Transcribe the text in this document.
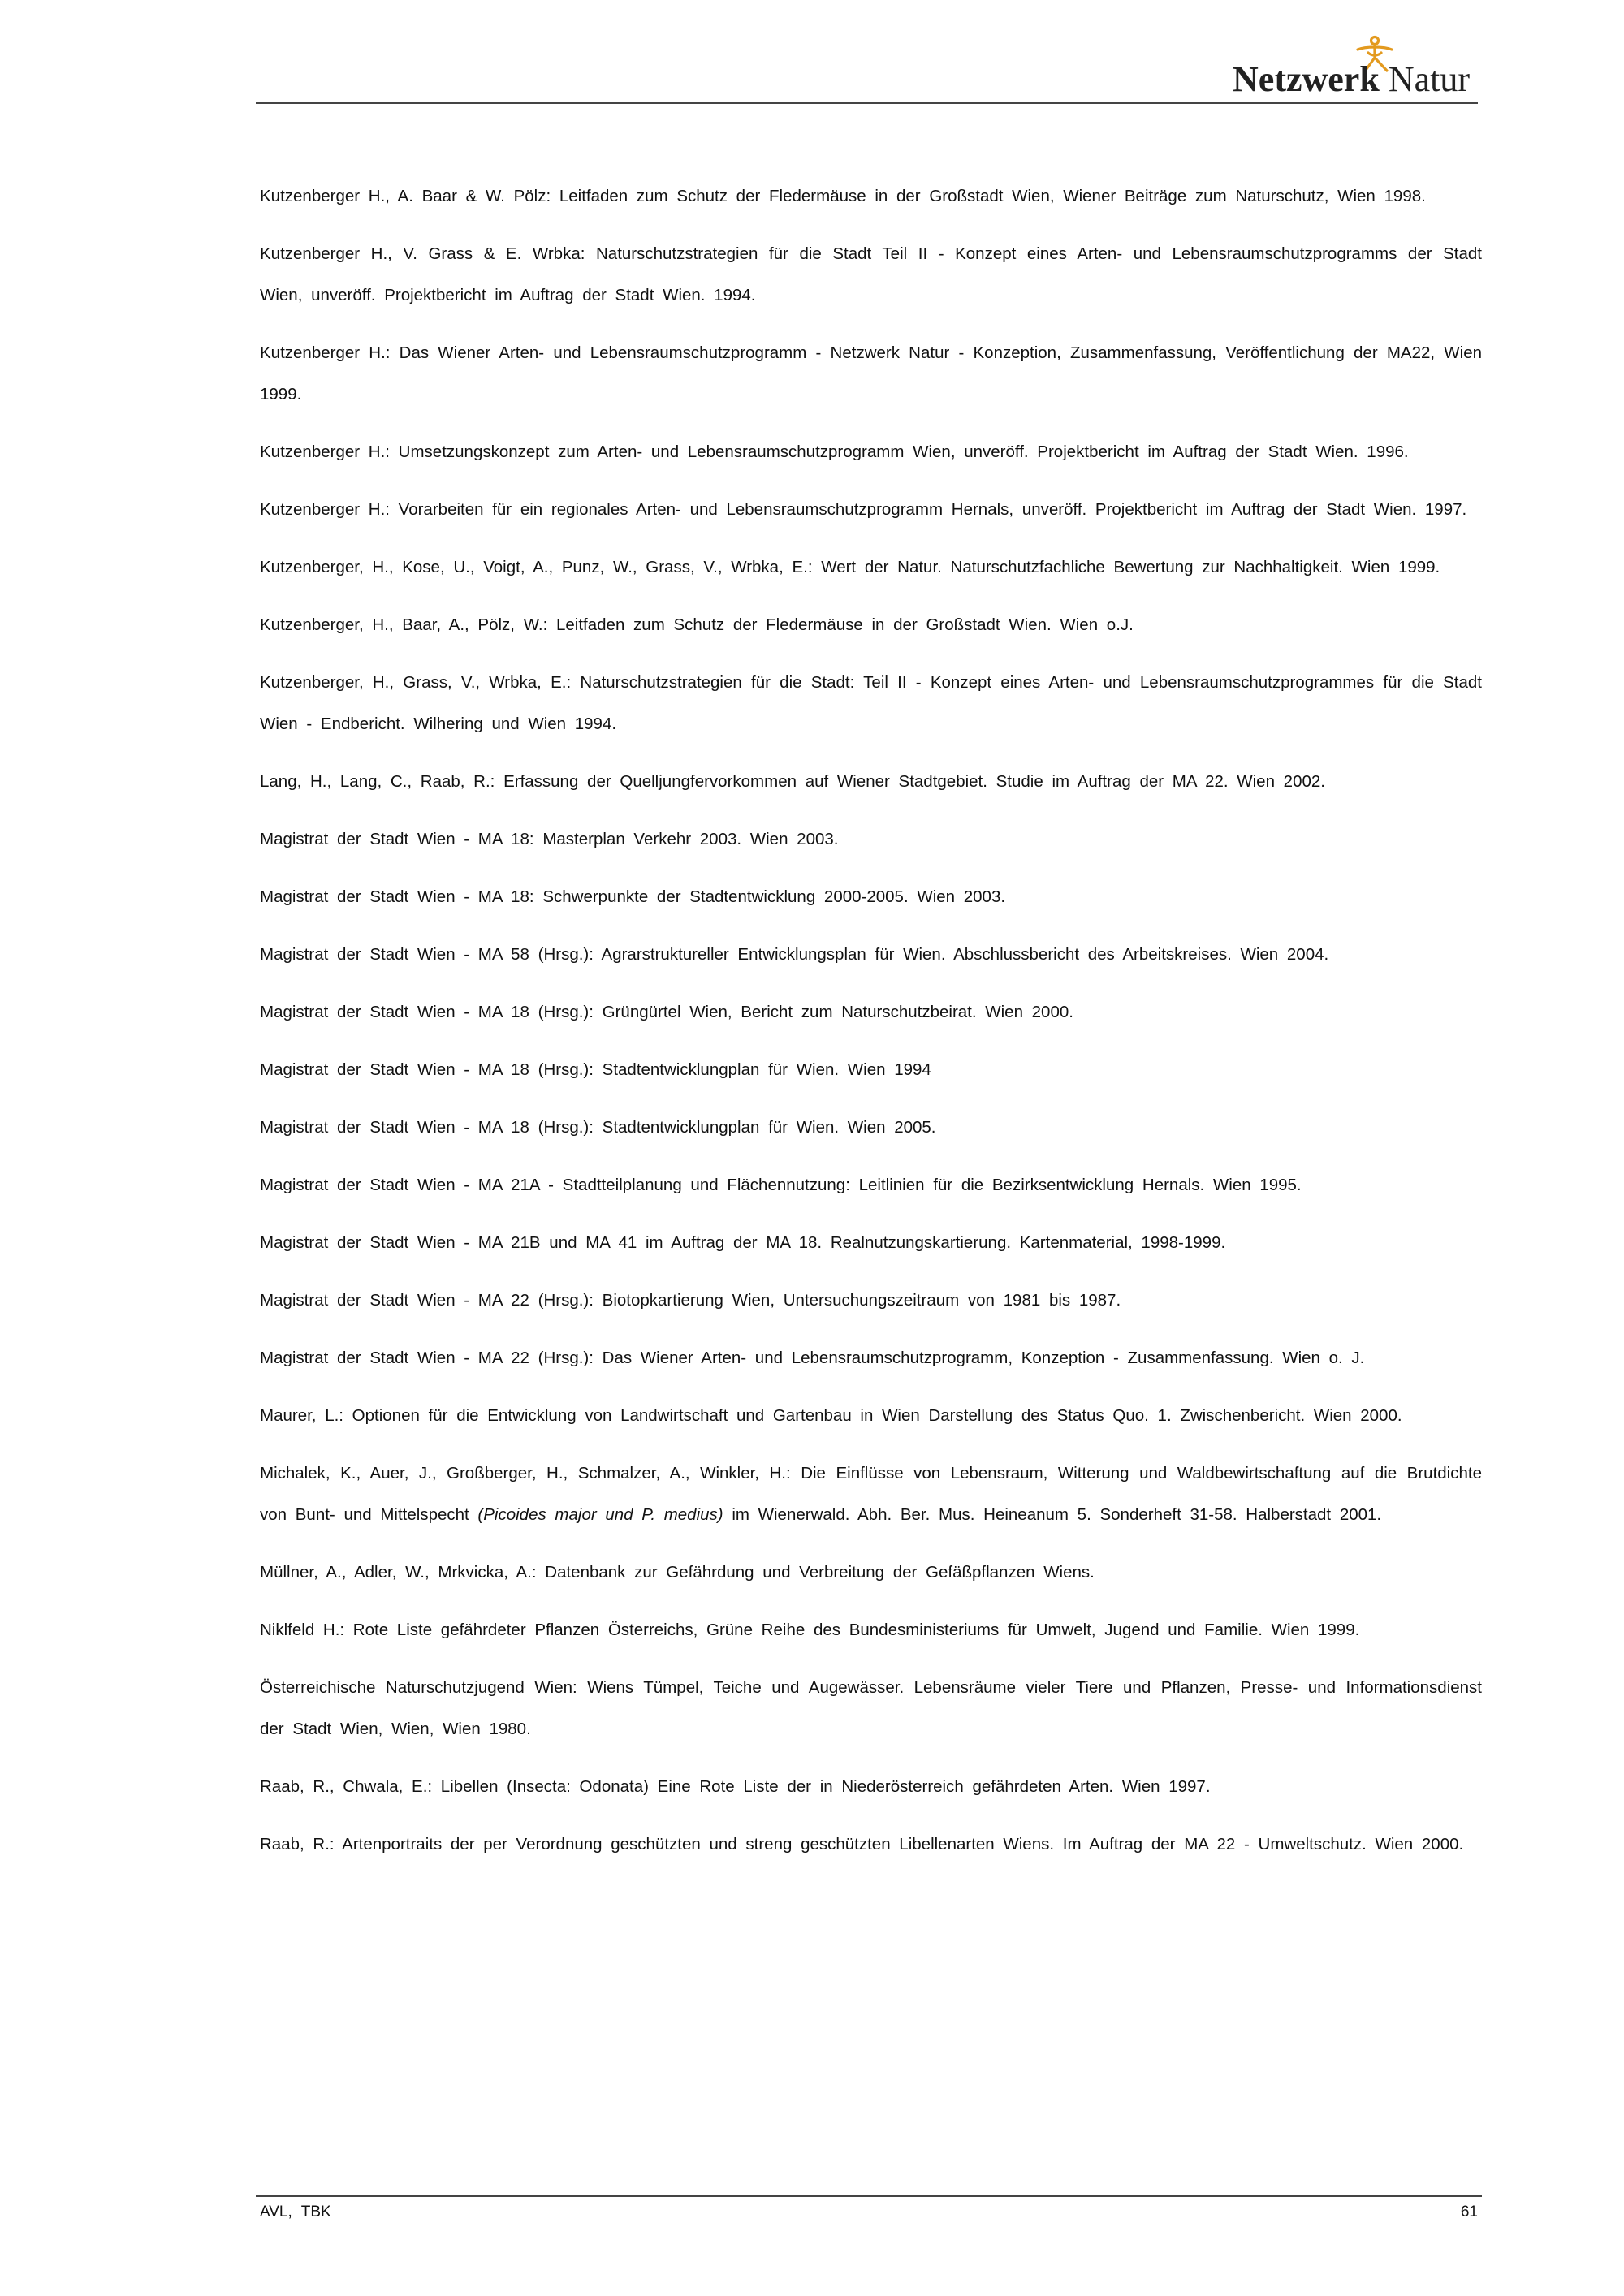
Netzwerk Natur

Kutzenberger H., A. Baar & W. Pölz: Leitfaden zum Schutz der Fledermäuse in der Großstadt Wien, Wiener Beiträge zum Naturschutz, Wien 1998.

Kutzenberger H., V. Grass & E. Wrbka: Naturschutzstrategien für die Stadt Teil II - Konzept eines Arten- und Lebensraumschutzprogramms der Stadt Wien, unveröff. Projektbericht im Auftrag der Stadt Wien. 1994.

Kutzenberger H.: Das Wiener Arten- und Lebensraumschutzprogramm - Netzwerk Natur - Konzeption, Zusammenfassung, Veröffentlichung der MA22, Wien 1999.

Kutzenberger H.: Umsetzungskonzept zum Arten- und Lebensraumschutzprogramm Wien, unveröff. Projektbericht im Auftrag der Stadt Wien. 1996.

Kutzenberger H.: Vorarbeiten für ein regionales Arten- und Lebensraumschutzprogramm Hernals, unveröff. Projektbericht im Auftrag der Stadt Wien. 1997.

Kutzenberger, H., Kose, U., Voigt, A., Punz, W., Grass, V., Wrbka, E.: Wert der Natur. Naturschutzfachliche Bewertung zur Nachhaltigkeit. Wien 1999.

Kutzenberger, H., Baar, A., Pölz, W.: Leitfaden zum Schutz der Fledermäuse in der Großstadt Wien. Wien o.J.

Kutzenberger, H., Grass, V., Wrbka, E.: Naturschutzstrategien für die Stadt: Teil II - Konzept eines Arten- und Lebensraumschutzprogrammes für die Stadt Wien - Endbericht. Wilhering und Wien 1994.

Lang, H., Lang, C., Raab, R.: Erfassung der Quelljungfervorkommen auf Wiener Stadtgebiet. Studie im Auftrag der MA 22. Wien 2002.

Magistrat der Stadt Wien - MA 18: Masterplan Verkehr 2003. Wien 2003.

Magistrat der Stadt Wien - MA 18: Schwerpunkte der Stadtentwicklung 2000-2005. Wien 2003.

Magistrat der Stadt Wien - MA 58 (Hrsg.): Agrarstruktureller Entwicklungsplan für Wien. Abschlussbericht des Arbeitskreises. Wien 2004.

Magistrat der Stadt Wien - MA 18 (Hrsg.): Grüngürtel Wien, Bericht zum Naturschutzbeirat. Wien 2000.

Magistrat der Stadt Wien - MA 18 (Hrsg.): Stadtentwicklungplan für Wien. Wien 1994

Magistrat der Stadt Wien - MA 18 (Hrsg.): Stadtentwicklungplan für Wien. Wien 2005.

Magistrat der Stadt Wien - MA 21A - Stadtteilplanung und Flächennutzung: Leitlinien für die Bezirksentwicklung Hernals. Wien 1995.

Magistrat der Stadt Wien - MA 21B und MA 41 im Auftrag der MA 18. Realnutzungskartierung. Kartenmaterial, 1998-1999.

Magistrat der Stadt Wien - MA 22 (Hrsg.): Biotopkartierung Wien, Untersuchungszeitraum von 1981 bis 1987.

Magistrat der Stadt Wien - MA 22 (Hrsg.): Das Wiener Arten- und Lebensraumschutzprogramm, Konzeption - Zusammenfassung. Wien o. J.

Maurer, L.: Optionen für die Entwicklung von Landwirtschaft und Gartenbau in Wien Darstellung des Status Quo. 1. Zwischenbericht. Wien 2000.

Michalek, K., Auer, J., Großberger, H., Schmalzer, A., Winkler, H.: Die Einflüsse von Lebensraum, Witterung und Waldbewirtschaftung auf die Brutdichte von Bunt- und Mittelspecht (Picoides major und P. medius) im Wienerwald. Abh. Ber. Mus. Heineanum 5. Sonderheft 31-58. Halberstadt 2001.

Müllner, A., Adler, W., Mrkvicka, A.: Datenbank zur Gefährdung und Verbreitung der Gefäßpflanzen Wiens.

Niklfeld H.: Rote Liste gefährdeter Pflanzen Österreichs, Grüne Reihe des Bundesministeriums für Umwelt, Jugend und Familie. Wien 1999.

Österreichische Naturschutzjugend Wien: Wiens Tümpel, Teiche und Augewässer. Lebensräume vieler Tiere und Pflanzen, Presse- und Informationsdienst der Stadt Wien, Wien, Wien 1980.

Raab, R., Chwala, E.: Libellen (Insecta: Odonata) Eine Rote Liste der in Niederösterreich gefährdeten Arten. Wien 1997.

Raab, R.: Artenportraits der per Verordnung geschützten und streng geschützten Libellenarten Wiens. Im Auftrag der MA 22 - Umweltschutz. Wien 2000.

AVL, TBK	61
